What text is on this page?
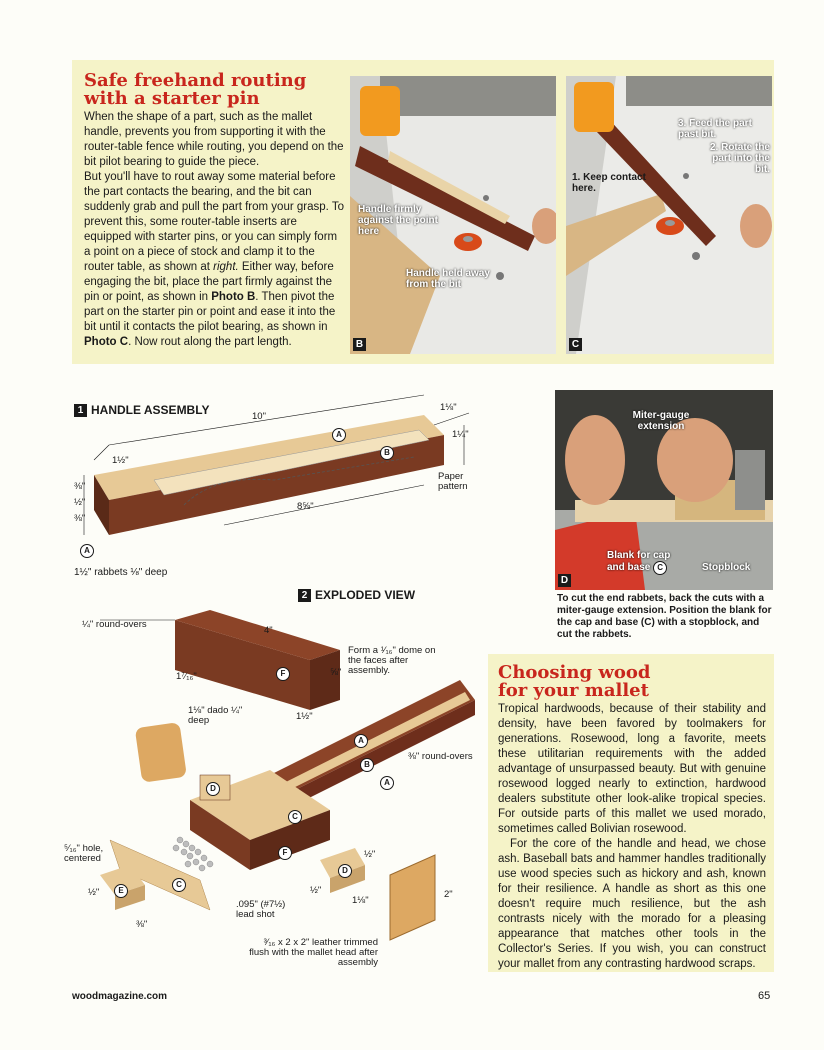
Safe freehand routing
with a starter pin

When the shape of a part, such as the mallet handle, prevents you from supporting it with the router-table fence while routing, you depend on the bit pilot bearing to guide the piece.
But you'll have to rout away some material before the part contacts the bearing, and the bit can suddenly grab and pull the part from your grasp. To prevent this, some router-table inserts are equipped with starter pins, or you can simply form a point on a piece of stock and clamp it to the router table, as shown at right. Either way, before engaging the bit, place the part firmly against the pin or point, as shown in Photo B. Then pivot the part on the starter pin or point and ease it into the bit until it contacts the pilot bearing, as shown in Photo C. Now rout along the part length.

Handle firmly against the point here
Handle held away from the bit
B
3. Feed the part past bit.
2. Rotate the part into the bit.
1. Keep contact here.
C
1 HANDLE ASSEMBLY	10"
1⅛"
1¼"
1½"
⅜"
½"
⅜"
8⅝"
Paper pattern
1½" rabbets ⅛" deep
A
B
A
Miter-gauge extension
Blank for cap and base C	Stopblock
D
To cut the end rabbets, back the cuts with a miter-gauge extension. Position the blank for the cap and base (C) with a stopblock, and cut the rabbets.
2 EXPLODED VIEW
¼" round-overs
4"
Form a ¹⁄₁₆" dome on the faces after assembly.
1⁷⁄₁₆"	⅝"
1⅛" dado ¼" deep	1½"
⅜" round-overs
⁵⁄₁₆" hole, centered
½"
⅜"
.095" (#7½) lead shot
½"
½"
1⅛"
2"
³⁄₁₆ x 2 x 2" leather trimmed flush with the mallet head after assembly
F
A
B
A
D
C
F
C
E
D
Choosing wood
for your mallet

Tropical hardwoods, because of their stability and density, have been favored by toolmakers for generations. Rosewood, long a favorite, meets these utilitarian requirements with the added advantage of unsurpassed beauty. But with genuine rosewood logged nearly to extinction, hardwood dealers substitute other look-alike tropical species. For outside parts of this mallet we used morado, sometimes called Bolivian rosewood.

For the core of the handle and head, we chose ash. Baseball bats and hammer handles traditionally use wood species such as hickory and ash, known for their resilience. A handle as short as this one doesn't require much resilience, but the ash contrasts nicely with the morado for a pleasing appearance that matches other tools in the Collector's Series. If you wish, you can construct your mallet from any contrasting hardwood scraps.

woodmagazine.com	65
